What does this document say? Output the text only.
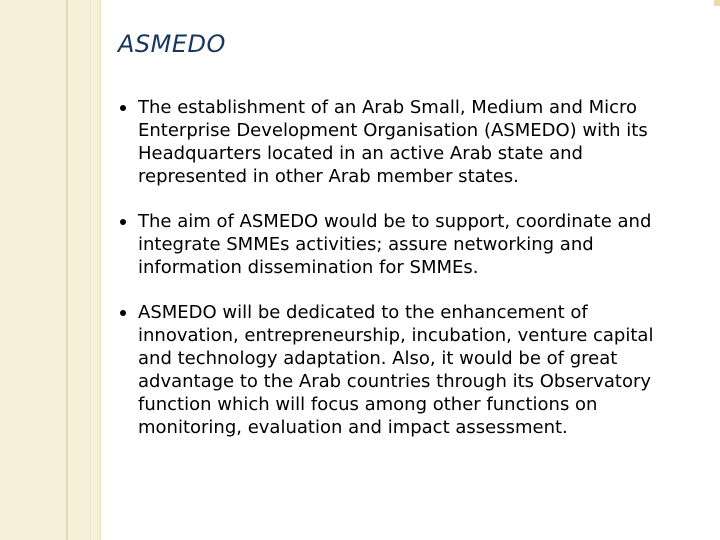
ASMEDO
The establishment of an Arab Small, Medium and Micro Enterprise Development Organisation (ASMEDO) with its Headquarters located in an active Arab state and represented in other Arab member states.
The aim of ASMEDO would be to support, coordinate and integrate SMMEs activities; assure networking and information dissemination for SMMEs.
ASMEDO will be dedicated to the enhancement of innovation, entrepreneurship, incubation, venture capital and technology adaptation. Also, it would be of great advantage to the Arab countries through its Observatory function which will focus among other functions on monitoring, evaluation and impact assessment.
